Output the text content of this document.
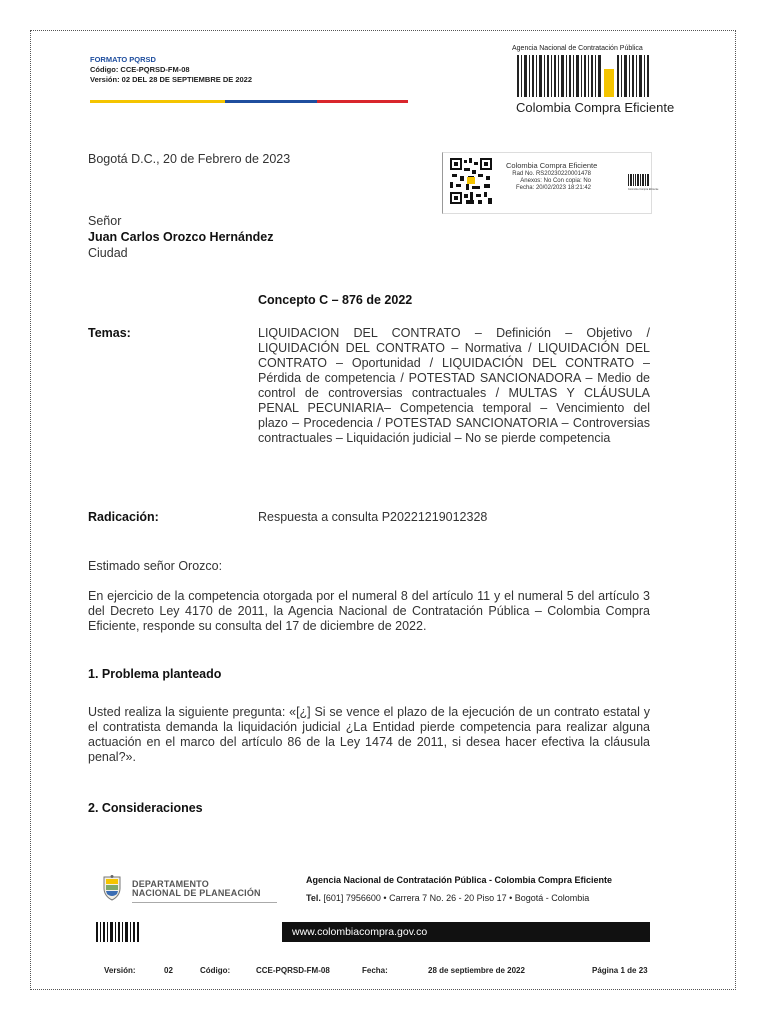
FORMATO PQRSD
Código: CCE-PQRSD-FM-08
Versión: 02 DEL 28 DE SEPTIEMBRE DE 2022
Agencia Nacional de Contratación Pública
Colombia Compra Eficiente
Bogotá D.C., 20 de Febrero de 2023	Colombia Compra Eficiente
Rad No. RS20230220001478
Anexos: No Con copia: No
Fecha: 20/02/2023 18:21:42	Colombia Compra Eficiente
Señor
Juan Carlos Orozco Hernández
Ciudad
Concepto C – 876 de 2022
Temas:	LIQUIDACION DEL CONTRATO – Definición – Objetivo / LIQUIDACIÓN DEL CONTRATO – Normativa / LIQUIDACIÓN DEL CONTRATO – Oportunidad / LIQUIDACIÓN DEL CONTRATO – Pérdida de competencia / POTESTAD SANCIONADORA – Medio de control de controversias contractuales / MULTAS Y CLÁUSULA PENAL PECUNIARIA– Competencia temporal – Vencimiento del plazo – Procedencia / POTESTAD SANCIONATORIA – Controversias contractuales – Liquidación judicial – No se pierde competencia
Radicación:	Respuesta a consulta P20221219012328
Estimado señor Orozco:
En ejercicio de la competencia otorgada por el numeral 8 del artículo 11 y el numeral 5 del artículo 3 del Decreto Ley 4170 de 2011, la Agencia Nacional de Contratación Pública – Colombia Compra Eficiente, responde su consulta del 17 de diciembre de 2022.
1. Problema planteado
Usted realiza la siguiente pregunta: «[¿] Si se vence el plazo de la ejecución de un contrato estatal y el contratista demanda la liquidación judicial ¿La Entidad pierde competencia para realizar alguna actuación en el marco del artículo 86 de la Ley 1474 de 2011, si desea hacer efectiva la cláusula penal?».
2. Consideraciones
DEPARTAMENTO
NACIONAL DE PLANEACIÓN
Agencia Nacional de Contratación Pública - Colombia Compra Eficiente
Tel. [601] 7956600 • Carrera 7 No. 26 - 20 Piso 17 • Bogotá - Colombia
www.colombiacompra.gov.co
Versión:	02	Código:	CCE-PQRSD-FM-08	Fecha:	28 de septiembre de 2022	Página 1 de 23
